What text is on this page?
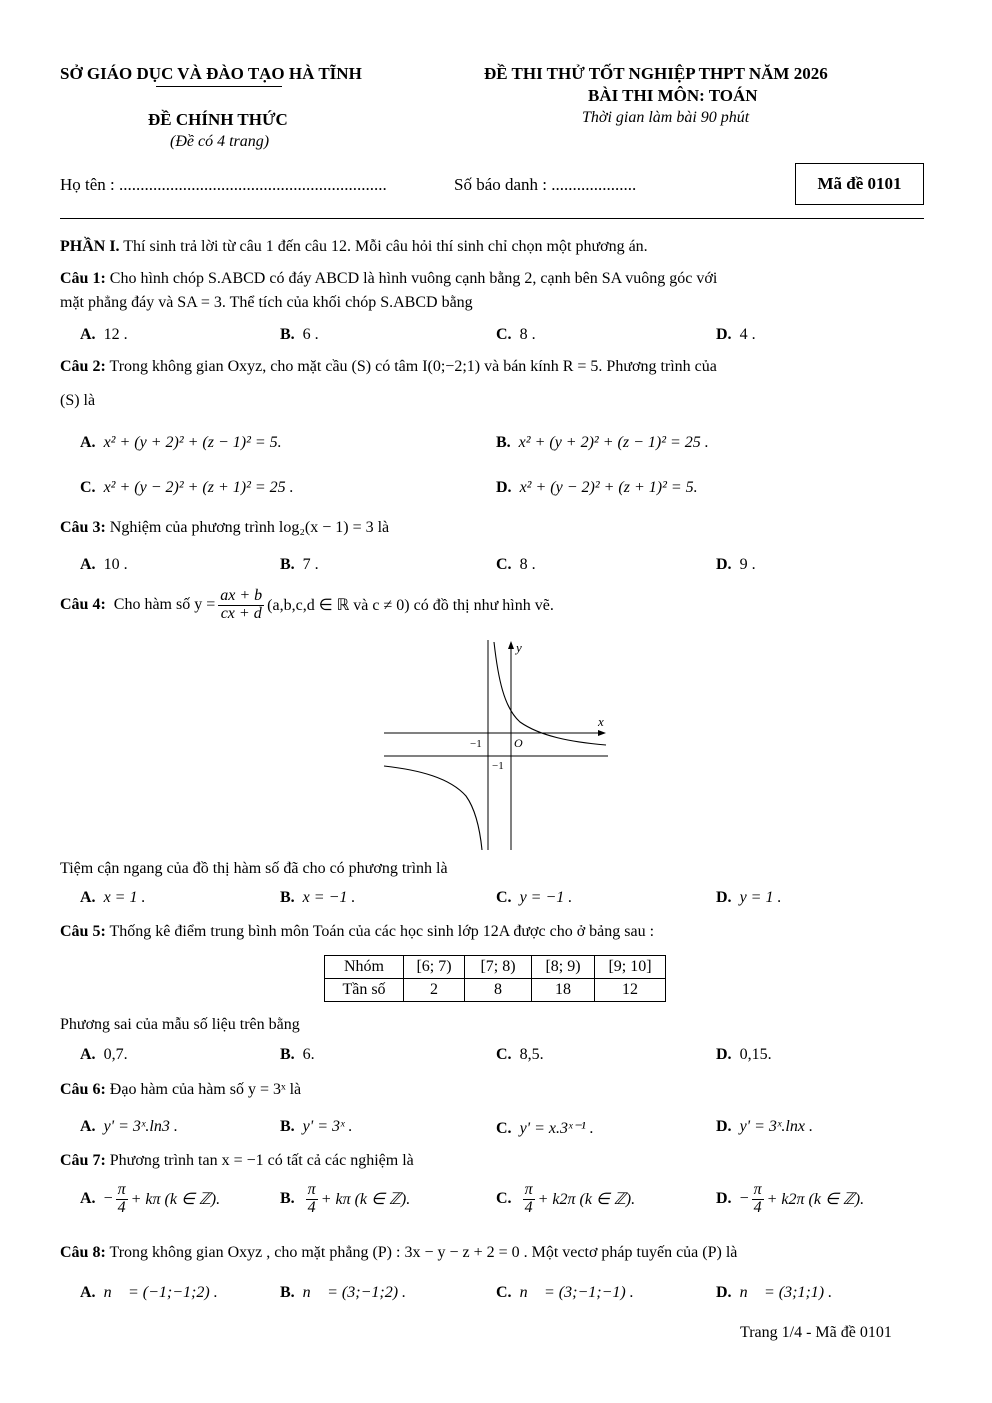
SỞ GIÁO DỤC VÀ ĐÀO TẠO HÀ TĨNH
ĐỀ CHÍNH THỨC
(Đề có 4 trang)
ĐỀ THI THỬ TỐT NGHIỆP THPT NĂM 2026
BÀI THI MÔN: TOÁN
Thời gian làm bài 90 phút
Họ tên : ...............................................................	Số báo danh : ....................	Mã đề 0101
PHẦN I. Thí sinh trả lời từ câu 1 đến câu 12. Mỗi câu hỏi thí sinh chỉ chọn một phương án.
Câu 1: Cho hình chóp S.ABCD có đáy ABCD là hình vuông cạnh bằng 2, cạnh bên SA vuông góc với
mặt phẳng đáy và SA = 3. Thể tích của khối chóp S.ABCD bằng
A. 12 .	B. 6 .	C. 8 .	D. 4 .
Câu 2: Trong không gian Oxyz, cho mặt cầu (S) có tâm I(0;−2;1) và bán kính R = 5. Phương trình của
(S) là
A. x² + (y + 2)² + (z − 1)² = 5.	B. x² + (y + 2)² + (z − 1)² = 25 .
C. x² + (y − 2)² + (z + 1)² = 25 .	D. x² + (y − 2)² + (z + 1)² = 5.
Câu 3: Nghiệm của phương trình log₂(x − 1) = 3 là
A. 10 .	B. 7 .	C. 8 .	D. 9 .
Câu 4:
Cho hàm số $y = \frac{ax + b}{cx + d} (a,b,c,d$ ∈ ℝ và c ≠ 0) có đồ thị như hình vẽ.
x
y
O
−1
−1
Tiệm cận ngang của đồ thị hàm số đã cho có phương trình là
A. x = 1 .	B. x = −1 .	C. y = −1 .	D. y = 1 .
Câu 5: Thống kê điểm trung bình môn Toán của các học sinh lớp 12A được cho ở bảng sau :
Nhóm	[6; 7)	[7; 8)	[8; 9)	[9; 10]
Tần số	2	8	18	12
Phương sai của mẫu số liệu trên bằng
A. 0,7.	B. 6.	C. 8,5.	D. 0,15.
Câu 6: Đạo hàm của hàm số y = 3ˣ là
A. y' = 3ˣ.ln3 .	B. y' = 3ˣ .	C. y' = x.3ˣ⁻¹ .	D. y' = 3ˣ.lnx .
Câu 7: Phương trình tan x = −1 có tất cả các nghiệm là
A. − $\frac{\pi}{4} + k\pi$ (k ∈ ℤ).	B. $\frac{\pi}{4} + k\pi$ (k ∈ ℤ).	C. $\frac{\pi}{4} + k2\pi$ (k ∈ ℤ).	D. − $\frac{\pi}{4} + k2\pi$ (k ∈ ℤ).
Câu 8: Trong không gian Oxyz , cho mặt phẳng (P) : 3x − y − z + 2 = 0 . Một vectơ pháp tuyến của (P) là
A. n⃗ = (−1;−1;2) .	B. n⃗ = (3;−1;2) .	C. n⃗ = (3;−1;−1) .	D. n⃗ = (3;1;1) .
Trang 1/4 - Mã đề 0101
